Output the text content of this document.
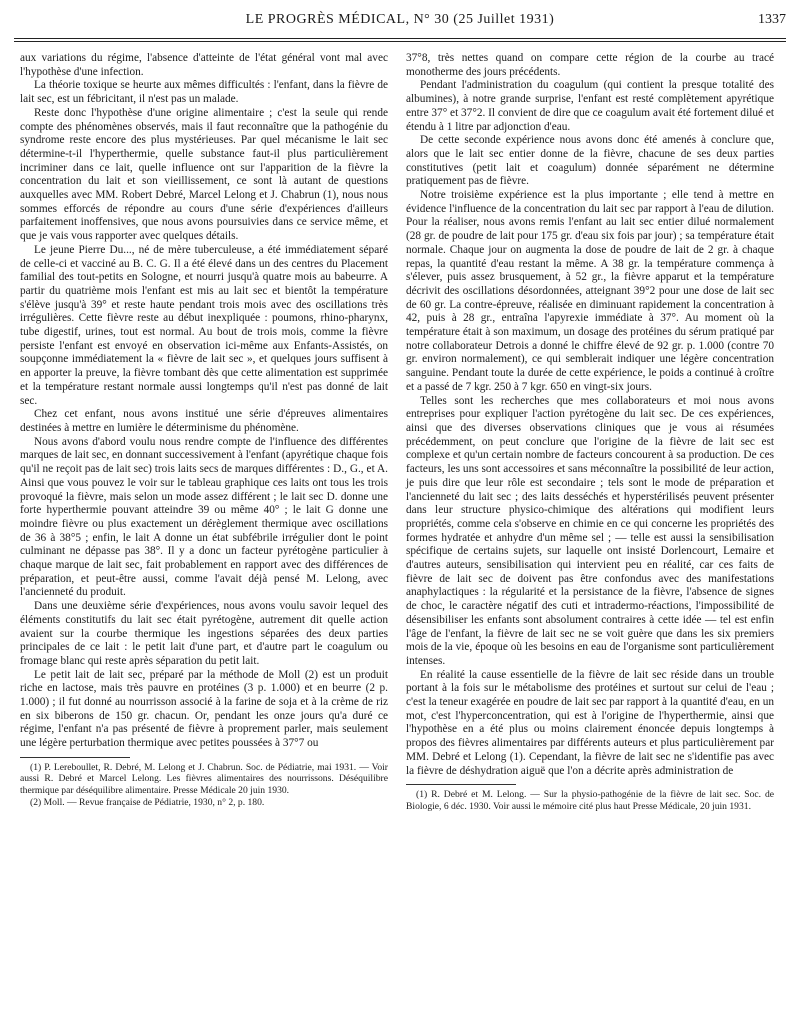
LE PROGRÈS MÉDICAL, N° 30 (25 Juillet 1931)	1337

aux variations du régime, l'absence d'atteinte de l'état général vont mal avec l'hypothèse d'une infection.

La théorie toxique se heurte aux mêmes difficultés : l'enfant, dans la fièvre de lait sec, est un fébricitant, il n'est pas un malade.

Reste donc l'hypothèse d'une origine alimentaire ; c'est la seule qui rende compte des phénomènes observés, mais il faut reconnaître que la pathogénie du syndrome reste encore des plus mystérieuses. Par quel mécanisme le lait sec détermine-t-il l'hyperthermie, quelle substance faut-il plus particulièrement incriminer dans ce lait, quelle influence ont sur l'apparition de la fièvre la concentration du lait et son vieillissement, ce sont là autant de questions auxquelles avec MM. Robert Debré, Marcel Lelong et J. Chabrun (1), nous nous sommes efforcés de répondre au cours d'une série d'expériences d'ailleurs parfaitement inoffensives, que nous avons poursuivies dans ce service même, et que je vais vous rapporter avec quelques détails.

Le jeune Pierre Du..., né de mère tuberculeuse, a été immédiatement séparé de celle-ci et vacciné au B. C. G. Il a été élevé dans un des centres du Placement familial des tout-petits en Sologne, et nourri jusqu'à quatre mois au babeurre. A partir du quatrième mois l'enfant est mis au lait sec et bientôt la température s'élève jusqu'à 39° et reste haute pendant trois mois avec des oscillations très irrégulières. Cette fièvre reste au début inexpliquée : poumons, rhino-pharynx, tube digestif, urines, tout est normal. Au bout de trois mois, comme la fièvre persiste l'enfant est envoyé en observation ici-même aux Enfants-Assistés, on soupçonne immédiatement la « fièvre de lait sec », et quelques jours suffisent à en apporter la preuve, la fièvre tombant dès que cette alimentation est supprimée et la température restant normale aussi longtemps qu'il n'est pas donné de lait sec.

Chez cet enfant, nous avons institué une série d'épreuves alimentaires destinées à mettre en lumière le déterminisme du phénomène.

Nous avons d'abord voulu nous rendre compte de l'influence des différentes marques de lait sec, en donnant successivement à l'enfant (apyrétique chaque fois qu'il ne reçoit pas de lait sec) trois laits secs de marques différentes : D., G., et A. Ainsi que vous pouvez le voir sur le tableau graphique ces laits ont tous les trois provoqué la fièvre, mais selon un mode assez différent ; le lait sec D. donne une forte hyperthermie pouvant atteindre 39 ou même 40° ; le lait G donne une moindre fièvre ou plus exactement un dérèglement thermique avec oscillations de 36 à 38°5 ; enfin, le lait A donne un état subfébrile irrégulier dont le point culminant ne dépasse pas 38°. Il y a donc un facteur pyrétogène particulier à chaque marque de lait sec, fait probablement en rapport avec des différences de préparation, et peut-être aussi, comme l'avait déjà pensé M. Lelong, avec l'ancienneté du produit.

Dans une deuxième série d'expériences, nous avons voulu savoir lequel des éléments constitutifs du lait sec était pyrétogène, autrement dit quelle action avaient sur la courbe thermique les ingestions séparées des deux parties principales de ce lait : le petit lait d'une part, et d'autre part le coagulum ou fromage blanc qui reste après séparation du petit lait.

Le petit lait de lait sec, préparé par la méthode de Moll (2) est un produit riche en lactose, mais très pauvre en protéines (3 p. 1.000) et en beurre (2 p. 1.000) ; il fut donné au nourrisson associé à la farine de soja et à la crème de riz en six biberons de 150 gr. chacun. Or, pendant les onze jours qu'a duré ce régime, l'enfant n'a pas présenté de fièvre à proprement parler, mais seulement une légère perturbation thermique avec petites poussées à 37°7 ou

(1) P. Lereboullet, R. Debré, M. Lelong et J. Chabrun. Soc. de Pédiatrie, mai 1931. — Voir aussi R. Debré et Marcel Lelong. Les fièvres alimentaires des nourrissons. Déséquilibre thermique par déséquilibre alimentaire. Presse Médicale 20 juin 1930.

(2) Moll. — Revue française de Pédiatrie, 1930, n° 2, p. 180.

37°8, très nettes quand on compare cette région de la courbe au tracé monotherme des jours précédents.

Pendant l'administration du coagulum (qui contient la presque totalité des albumines), à notre grande surprise, l'enfant est resté complètement apyrétique entre 37° et 37°2. Il convient de dire que ce coagulum avait été fortement dilué et étendu à 1 litre par adjonction d'eau.

De cette seconde expérience nous avons donc été amenés à conclure que, alors que le lait sec entier donne de la fièvre, chacune de ses deux parties constitutives (petit lait et coagulum) donnée séparément ne détermine pratiquement pas de fièvre.

Notre troisième expérience est la plus importante ; elle tend à mettre en évidence l'influence de la concentration du lait sec par rapport à l'eau de dilution. Pour la réaliser, nous avons remis l'enfant au lait sec entier dilué normalement (28 gr. de poudre de lait pour 175 gr. d'eau six fois par jour) ; sa température était normale. Chaque jour on augmenta la dose de poudre de lait de 2 gr. à chaque repas, la quantité d'eau restant la même. A 38 gr. la température commença à s'élever, puis assez brusquement, à 52 gr., la fièvre apparut et la température décrivit des oscillations désordonnées, atteignant 39°2 pour une dose de lait sec de 60 gr. La contre-épreuve, réalisée en diminuant rapidement la concentration à 42, puis à 28 gr., entraîna l'apyrexie immédiate à 37°. Au moment où la température était à son maximum, un dosage des protéines du sérum pratiqué par notre collaborateur Detrois a donné le chiffre élevé de 92 gr. p. 1.000 (contre 70 gr. environ normalement), ce qui semblerait indiquer une légère concentration sanguine. Pendant toute la durée de cette expérience, le poids a continué à croître et a passé de 7 kgr. 250 à 7 kgr. 650 en vingt-six jours.

Telles sont les recherches que mes collaborateurs et moi nous avons entreprises pour expliquer l'action pyrétogène du lait sec. De ces expériences, ainsi que des diverses observations cliniques que je vous ai résumées précédemment, on peut conclure que l'origine de la fièvre de lait sec est complexe et qu'un certain nombre de facteurs concourent à sa production. De ces facteurs, les uns sont accessoires et sans méconnaître la possibilité de leur action, je puis dire que leur rôle est secondaire ; tels sont le mode de préparation et l'ancienneté du lait sec ; des laits desséchés et hyperstérilisés peuvent présenter dans leur structure physico-chimique des altérations qui modifient leurs propriétés, comme cela s'observe en chimie en ce qui concerne les propriétés des formes hydratée et anhydre d'un même sel ; — telle est aussi la sensibilisation spécifique de certains sujets, sur laquelle ont insisté Dorlencourt, Lemaire et d'autres auteurs, sensibilisation qui intervient peu en réalité, car ces faits de fièvre de lait sec de doivent pas être confondus avec des manifestations anaphylactiques : la régularité et la persistance de la fièvre, l'absence de signes de choc, le caractère négatif des cuti et intradermo-réactions, l'impossibilité de désensibiliser les enfants sont absolument contraires à cette idée — tel est enfin l'âge de l'enfant, la fièvre de lait sec ne se voit guère que dans les six premiers mois de la vie, époque où les besoins en eau de l'organisme sont particulièrement intenses.

En réalité la cause essentielle de la fièvre de lait sec réside dans un trouble portant à la fois sur le métabolisme des protéines et surtout sur celui de l'eau ; c'est la teneur exagérée en poudre de lait sec par rapport à la quantité d'eau, en un mot, c'est l'hyperconcentration, qui est à l'origine de l'hyperthermie, ainsi que l'hypothèse en a été plus ou moins clairement énoncée depuis longtemps à propos des fièvres alimentaires par différents auteurs et plus particulièrement par MM. Debré et Lelong (1). Cependant, la fièvre de lait sec ne s'identifie pas avec la fièvre de déshydration aiguë que l'on a décrite après administration de

(1) R. Debré et M. Lelong. — Sur la physio-pathogénie de la fièvre de lait sec. Soc. de Biologie, 6 déc. 1930. Voir aussi le mémoire cité plus haut Presse Médicale, 20 juin 1931.
